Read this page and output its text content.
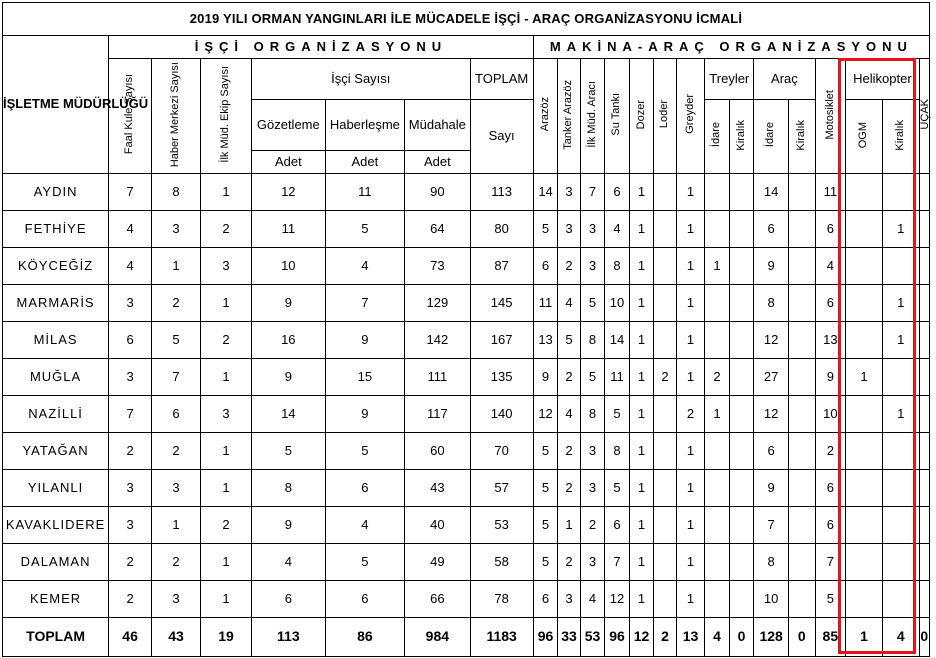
2019 YILI ORMAN YANGINLARI İLE MÜCADELE İŞÇİ - ARAÇ ORGANİZASYONU İCMALİ																						
İŞLETME MÜDÜRLÜĞÜ	İŞÇİ ORGANİZASYONU							MAKİNA-ARAÇ ORGANİZASYONU														
	Faal Kule Sayısı	Haber Merkezi Sayısı	İlk Müd. Ekip Sayısı	İşçi Sayısı			TOPLAM	Arazöz	Tanker Arazöz	İlk Müd. Aracı	Su Tankı	Dozer	Loder	Greyder	Treyler		Araç		Motosiklet	Helikopter		UÇAK
				Gözetleme	Haberleşme	Müdahale	Sayı								İdare	Kiralık	İdare	Kiralık		OGM	Kiralık	
				Adet	Adet	Adet																
AYDIN	7	8	1	12	11	90	113	14	3	7	6	1		1			14		11			
FETHİYE	4	3	2	11	5	64	80	5	3	3	4	1		1			6		6		1	
KÖYCEĞİZ	4	1	3	10	4	73	87	6	2	3	8	1		1	1		9		4			
MARMARİS	3	2	1	9	7	129	145	11	4	5	10	1		1			8		6		1	
MİLAS	6	5	2	16	9	142	167	13	5	8	14	1		1			12		13		1	
MUĞLA	3	7	1	9	15	111	135	9	2	5	11	1	2	1	2		27		9	1		
NAZİLLİ	7	6	3	14	9	117	140	12	4	8	5	1		2	1		12		10		1	
YATAĞAN	2	2	1	5	5	60	70	5	2	3	8	1		1			6		2			
YILANLI	3	3	1	8	6	43	57	5	2	3	5	1		1			9		6			
KAVAKLIDERE	3	1	2	9	4	40	53	5	1	2	6	1		1			7		6			
DALAMAN	2	2	1	4	5	49	58	5	2	3	7	1		1			8		7			
KEMER	2	3	1	6	6	66	78	6	3	4	12	1		1			10		5			
TOPLAM	46	43	19	113	86	984	1183	96	33	53	96	12	2	13	4	0	128	0	85	1	4	0
